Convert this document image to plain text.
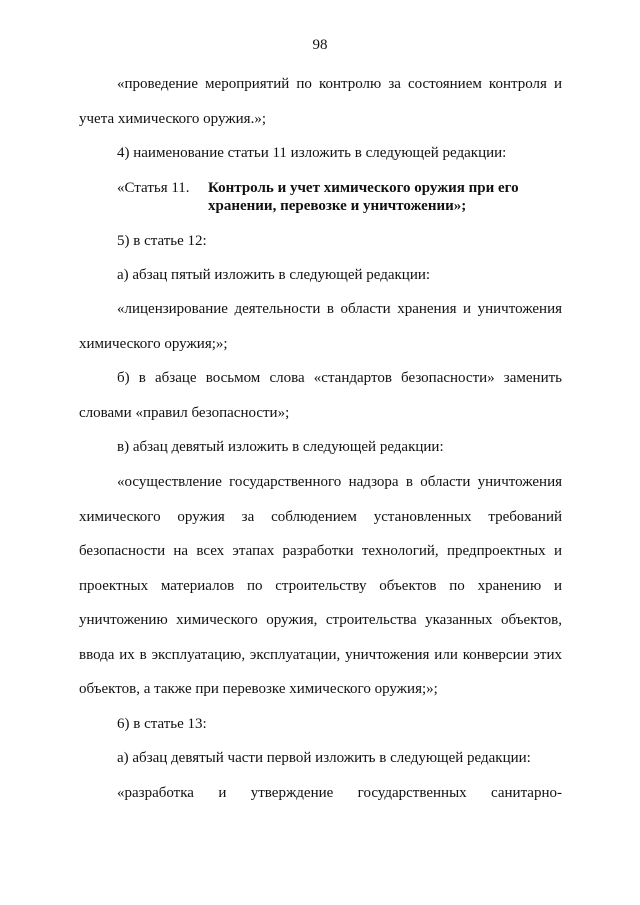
98
«проведение мероприятий по контролю за состоянием контроля и
учета химического оружия.»;
4) наименование статьи 11 изложить в следующей редакции:
«Статья 11. Контроль и учет химического оружия при его
хранении, перевозке и уничтожении»;
5) в статье 12:
а) абзац пятый изложить в следующей редакции:
«лицензирование деятельности в области хранения и уничтожения
химического оружия;»;
б) в абзаце восьмом слова «стандартов безопасности» заменить
словами «правил безопасности»;
в) абзац девятый изложить в следующей редакции:
«осуществление государственного надзора в области уничтожения
химического оружия за соблюдением установленных требований
безопасности на всех этапах разработки технологий, предпроектных и
проектных материалов по строительству объектов по хранению и
уничтожению химического оружия, строительства указанных объектов,
ввода их в эксплуатацию, эксплуатации, уничтожения или конверсии этих
объектов, а также при перевозке химического оружия;»;
6) в статье 13:
а) абзац девятый части первой изложить в следующей редакции:
«разработка и утверждение государственных санитарно-
